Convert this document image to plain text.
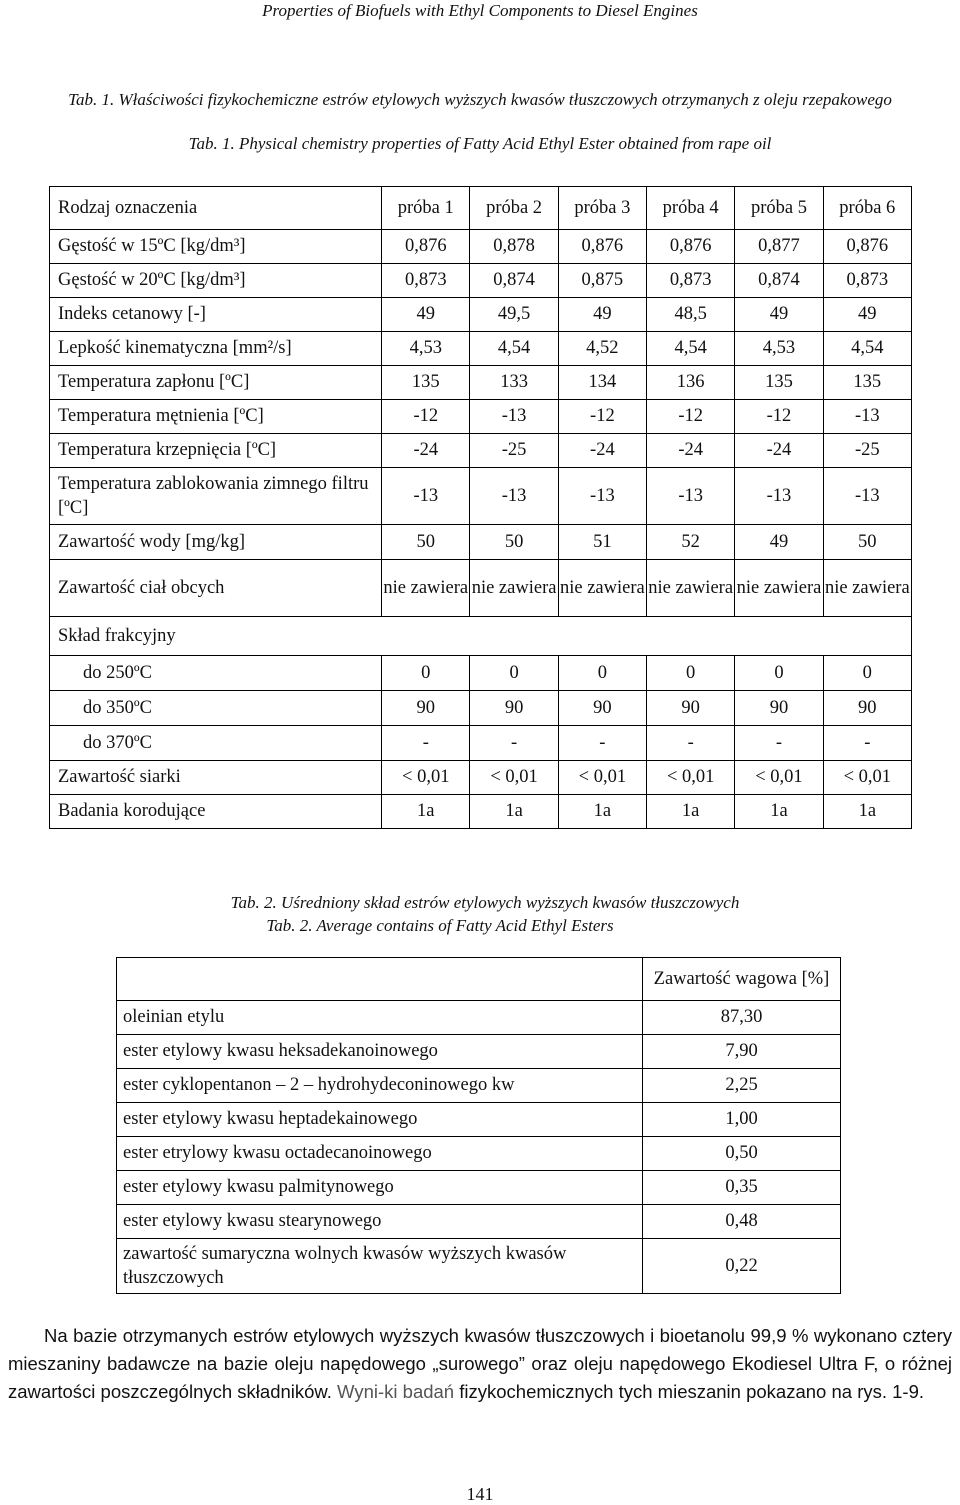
Properties of Biofuels with Ethyl Components to Diesel Engines
Tab. 1. Właściwości fizykochemiczne estrów etylowych wyższych kwasów tłuszczowych otrzymanych z oleju rzepakowego
Tab. 1. Physical chemistry properties of Fatty Acid Ethyl Ester obtained from rape oil
Rodzaj oznaczenia	próba 1	próba 2	próba 3	próba 4	próba 5	próba 6
Gęstość w 15ºC [kg/dm³]	0,876	0,878	0,876	0,876	0,877	0,876
Gęstość w 20ºC [kg/dm³]	0,873	0,874	0,875	0,873	0,874	0,873
Indeks cetanowy [-]	49	49,5	49	48,5	49	49
Lepkość kinematyczna [mm²/s]	4,53	4,54	4,52	4,54	4,53	4,54
Temperatura zapłonu [ºC]	135	133	134	136	135	135
Temperatura mętnienia [ºC]	-12	-13	-12	-12	-12	-13
Temperatura krzepnięcia [ºC]	-24	-25	-24	-24	-24	-25
Temperatura zablokowania zimnego filtru [ºC]	-13	-13	-13	-13	-13	-13
Zawartość wody [mg/kg]	50	50	51	52	49	50
Zawartość ciał obcych	nie zawiera	nie zawiera	nie zawiera	nie zawiera	nie zawiera	nie zawiera
Skład frakcyjny						
do 250ºC	0	0	0	0	0	0
do 350ºC	90	90	90	90	90	90
do 370ºC	-	-	-	-	-	-
Zawartość siarki	< 0,01	< 0,01	< 0,01	< 0,01	< 0,01	< 0,01
Badania korodujące	1a	1a	1a	1a	1a	1a
Tab. 2. Uśredniony skład estrów etylowych wyższych kwasów tłuszczowych
Tab. 2. Average contains of Fatty Acid Ethyl Esters
	Zawartość wagowa [%]
oleinian etylu	87,30
ester etylowy kwasu heksadekanoinowego	7,90
ester cyklopentanon – 2 – hydrohydeconinowego kw	2,25
ester etylowy kwasu heptadekainowego	1,00
ester etrylowy kwasu octadecanoinowego	0,50
ester etylowy kwasu palmitynowego	0,35
ester etylowy kwasu stearynowego	0,48
zawartość sumaryczna wolnych kwasów wyższych kwasów tłuszczowych	0,22
Na bazie otrzymanych estrów etylowych wyższych kwasów tłuszczowych i bioetanolu 99,9 % wykonano cztery mieszaniny badawcze na bazie oleju napędowego „surowego” oraz oleju napędowego Ekodiesel Ultra F, o różnej zawartości poszczególnych składników. Wyni-ki badań fizykochemicznych tych mieszanin pokazano na rys. 1-9.
141
